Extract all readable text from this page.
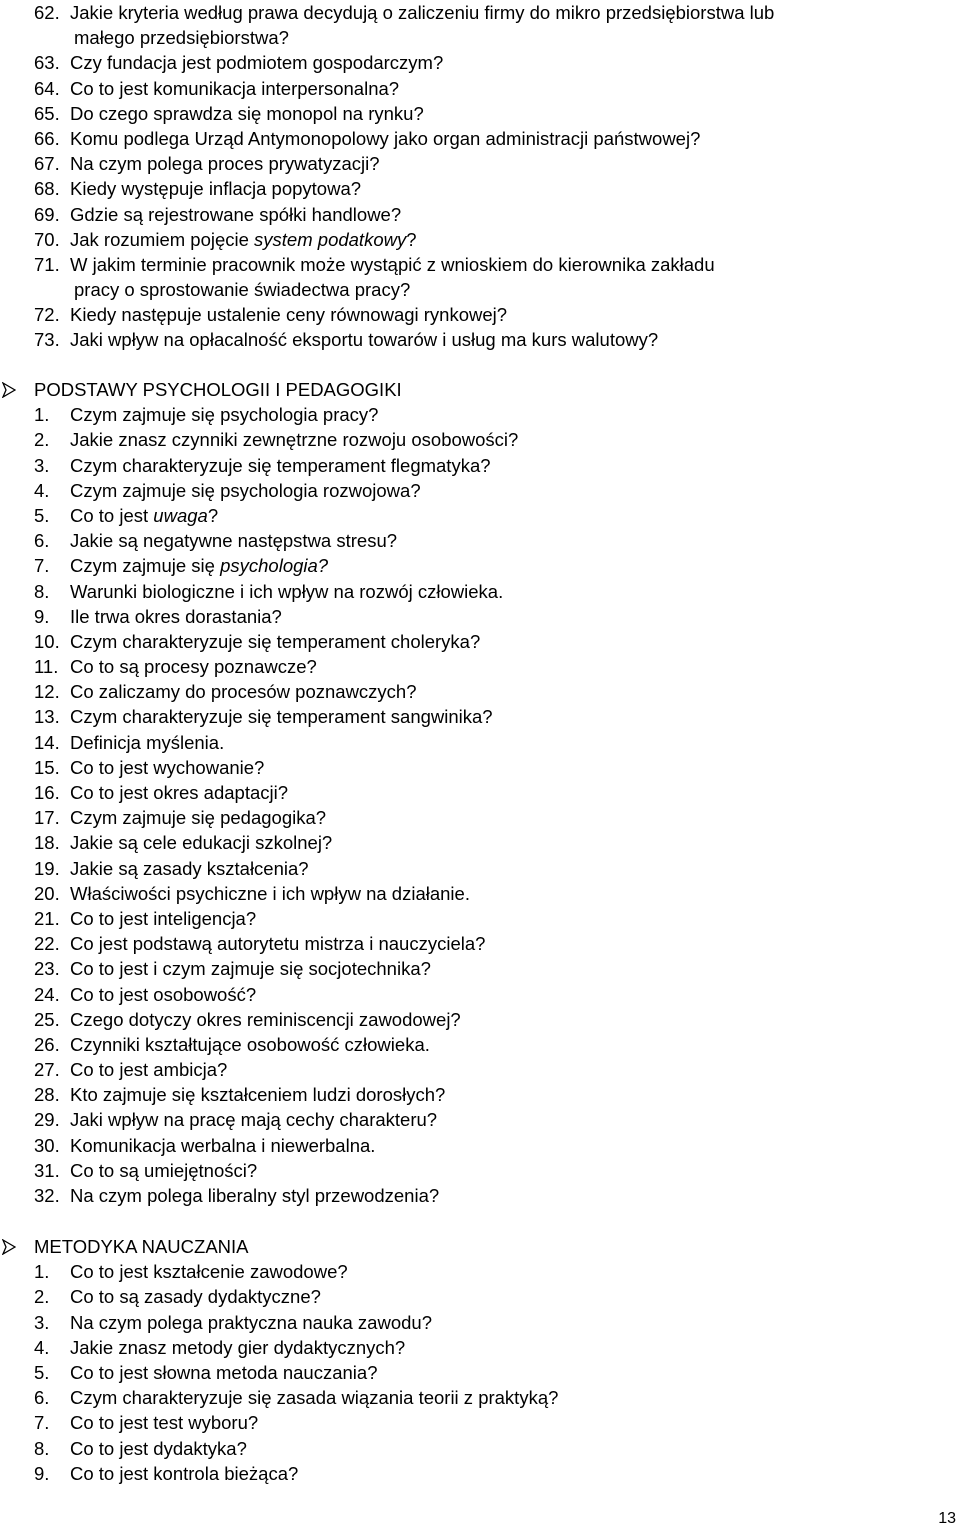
62. Jakie kryteria według prawa decydują o zaliczeniu firmy do mikro przedsiębiorstwa lub
małego przedsiębiorstwa?
63. Czy fundacja jest podmiotem gospodarczym?
64. Co to jest komunikacja interpersonalna?
65. Do czego sprawdza się monopol na rynku?
66. Komu podlega Urząd Antymonopolowy jako organ administracji państwowej?
67. Na czym polega proces prywatyzacji?
68. Kiedy występuje inflacja popytowa?
69. Gdzie są rejestrowane spółki handlowe?
70. Jak rozumiem pojęcie system podatkowy?
71. W jakim terminie pracownik może wystąpić z wnioskiem do kierownika zakładu
pracy o sprostowanie świadectwa pracy?
72. Kiedy następuje ustalenie ceny równowagi rynkowej?
73. Jaki wpływ na opłacalność eksportu towarów i usług ma kurs walutowy?
PODSTAWY PSYCHOLOGII I PEDAGOGIKI
1.	Czym zajmuje się psychologia pracy?
2.	Jakie znasz czynniki zewnętrzne rozwoju osobowości?
3.	Czym charakteryzuje się temperament flegmatyka?
4.	Czym zajmuje się psychologia rozwojowa?
5.	Co to jest uwaga?
6.	Jakie są negatywne następstwa stresu?
7.	Czym zajmuje się psychologia?
8.	Warunki biologiczne i ich wpływ na rozwój człowieka.
9.	Ile trwa okres dorastania?
10. Czym charakteryzuje się temperament choleryka?
11. Co to są procesy poznawcze?
12. Co zaliczamy do procesów poznawczych?
13. Czym charakteryzuje się temperament sangwinika?
14. Definicja myślenia.
15. Co to jest wychowanie?
16. Co to jest okres adaptacji?
17. Czym zajmuje się pedagogika?
18. Jakie są cele edukacji szkolnej?
19. Jakie są zasady kształcenia?
20. Właściwości psychiczne i ich wpływ na działanie.
21. Co to jest inteligencja?
22. Co jest podstawą autorytetu mistrza i nauczyciela?
23. Co to jest i czym zajmuje się socjotechnika?
24. Co to jest osobowość?
25. Czego dotyczy okres reminiscencji zawodowej?
26. Czynniki kształtujące osobowość człowieka.
27. Co to jest ambicja?
28. Kto zajmuje się kształceniem ludzi dorosłych?
29. Jaki wpływ na pracę mają cechy charakteru?
30. Komunikacja werbalna i niewerbalna.
31. Co to są umiejętności?
32. Na czym polega liberalny styl przewodzenia?
METODYKA NAUCZANIA
1.	Co to jest kształcenie zawodowe?
2.	Co to są zasady dydaktyczne?
3.	Na czym polega praktyczna nauka zawodu?
4.	Jakie znasz metody gier dydaktycznych?
5.	Co to jest słowna metoda nauczania?
6.	Czym charakteryzuje się zasada wiązania teorii z praktyką?
7.	Co to jest test wyboru?
8.	Co to jest dydaktyka?
9.	Co to jest kontrola bieżąca?
13
